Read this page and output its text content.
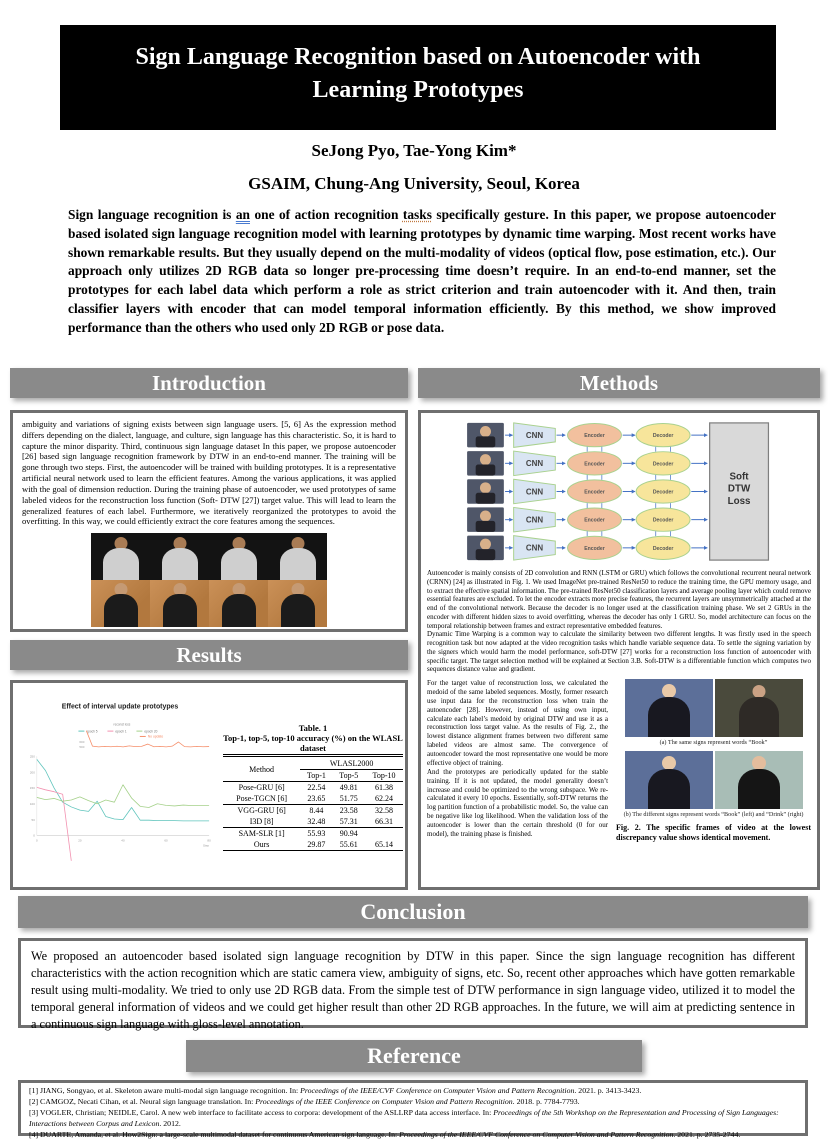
Sign Language Recognition based on Autoencoder with
Learning Prototypes
SeJong Pyo, Tae-Yong Kim*
GSAIM, Chung-Ang University, Seoul, Korea
Sign language recognition is an one of action recognition tasks specifically gesture. In this paper, we propose autoencoder based isolated sign language recognition model with learning prototypes by dynamic time warping. Most recent works have shown remarkable results. But they usually depend on the multi-modality of videos (optical flow, pose estimation, etc.). Our approach only utilizes 2D RGB data so longer pre-processing time doesn’t require. In an end-to-end manner, set the prototypes for each label data which perform a role as strict criterion and train autoencoder with it. And then, train classifier layers with encoder that can model temporal information efficiently. By this method, we show improved performance than the others who used only 2D RGB or pose data.
Introduction	Methods
Results
Conclusion
Reference
ambiguity and variations of signing exists between sign language users. [5, 6] As the expression method differs depending on the dialect, language, and culture, sign language has this characteristic. So, it is hard to capture the minor disparity. Third, continuous sign language dataset In this paper, we propose autoencoder [26] based sign language recognition framework by DTW in an end-to-end manner. The training will be gone through two steps. First, the autoencoder will be trained with building prototypes. It is a representative artificial neural network used to learn the efficient features. Among the various applications, it was applied with the goal of dimension reduction. During the training phase of autoencoder, we used prototypes of same labeled videos for the reconstruction loss function (Soft- DTW [27]) target value. This will lead to learn the generalized features of each label. Furthermore, we iteratively reorganized the prototypes to avoid the overfitting. In this way, we could efficiently extract the core features among the sequences.
Soft
DTW
Loss
CNN	Encoder	Decoder
CNN	Encoder	Decoder
CNN	Encoder	Decoder
CNN	Encoder	Decoder
CNN	Encoder	Decoder
Autoencoder is mainly consists of 2D convolution and RNN (LSTM or GRU) which follows the convolutional recurrent neural network (CRNN) [24] as illustrated in Fig. 1. We used ImageNet pre-trained ResNet50 to reduce the training time, the GPU memory usage, and to extract the effective spatial information. The pre-trained ResNet50 classification layers and average pooling layer which could remove essential features are excluded. To let the encoder extracts more precise features, the recurrent layers are unsymmetrically attached at the end of the convolutional network. Because the decoder is no longer used at the classification training phase. We set 2 GRUs in the encoder with different hidden sizes to avoid overfitting, whereas the decoder has only 1 GRU. So, model architecture can focus on the temporal relationship between frames and extract representative embedded features.
Dynamic Time Warping is a common way to calculate the similarity between two different lengths. It was firstly used in the speech recognition task but now adapted at the video recognition tasks which handle variable sequence data. To settle the signing variation by the signers which would harm the model performance, soft-DTW [27] works for a reconstruction loss function of autoencoder with specific target. The target selection method will be explained at Section 3.B. Soft-DTW is a differentiable function which computes two sequences distance value and gradient.

For the target value of reconstruction loss, we calculated the medoid of the same labeled sequences. Mostly, former research use input data for the reconstruction loss when train the autoencoder [28]. However, instead of using own input, calculate each label’s medoid by original DTW and use it as a reconstruction loss target value. As the results of Fig. 2., the lowest distance alignment frames between two different same labeled videos are almost same. The convergence of autoencoder toward the most representative one would be more effective object of training.

And the prototypes are periodically updated for the stable training. If it is not updated, the model generality doesn’t increase and could be optimized to the wrong subspace. We re-calculated it every 10 epochs. Essentially, soft-DTW returns the log partition function of a probabilistic model. So, the value can be negative like log likelihood. When the validation loss of the autoencoder is lower than the certain threshold (0 for our model), the training phase is finished.

(a) The same signs represent words “Book”
(b) The different signs represent words “Book” (left) and “Drink” (right)
Fig. 2. The specific frames of video at the lowest discrepancy value shows identical movement.
Effect of interval update prototypes
reconst loss
epoch 5	epoch 1	epoch 20
0
50
100
150
200
250
0	20	40	60	80
Step
500
600
No update
Table. 1
Top-1, top-5, top-10 accuracy (%) on the WLASL dataset
Method	WLASL2000		
	Top-1	Top-5	Top-10
Pose-GRU [6]	22.54	49.81	61.38
Pose-TGCN [6]	23.65	51.75	62.24
VGG-GRU [6]	8.44	23.58	32.58
I3D [8]	32.48	57.31	66.31
SAM-SLR [1]	55.93	90.94	
Ours	29.87	55.61	65.14
We proposed an autoencoder based isolated sign language recognition by DTW in this paper. Since the sign language recognition has different characteristics with the action recognition which are static camera view, ambiguity of signs, etc. So, recent other approaches which have gotten remarkable result using multi-modality. We tried to only use 2D RGB data. From the simple test of DTW performance in sign language video, utilized it to model the temporal general information of videos and we could get higher result than other 2D RGB approaches. In the future, we will aim at predicting sentence in a continuous sign language with gloss-level annotation.
[1] JIANG, Songyao, et al. Skeleton aware multi-modal sign language recognition. In: Proceedings of the IEEE/CVF Conference on Computer Vision and Pattern Recognition. 2021. p. 3413-3423.
[2] CAMGOZ, Necati Cihan, et al. Neural sign language translation. In: Proceedings of the IEEE Conference on Computer Vision and Pattern Recognition. 2018. p. 7784-7793.
[3] VOGLER, Christian; NEIDLE, Carol. A new web interface to facilitate access to corpora: development of the ASLLRP data access interface. In: Proceedings of the 5th Workshop on the Representation and Processing of Sign Languages: Interactions between Corpus and Lexicon. 2012.
[4] DUARTE, Amanda, et al. How2Sign: a large-scale multimodal dataset for continuous American sign language. In: Proceedings of the IEEE/CVF Conference on Computer Vision and Pattern Recognition. 2021. p. 2735-2744.
